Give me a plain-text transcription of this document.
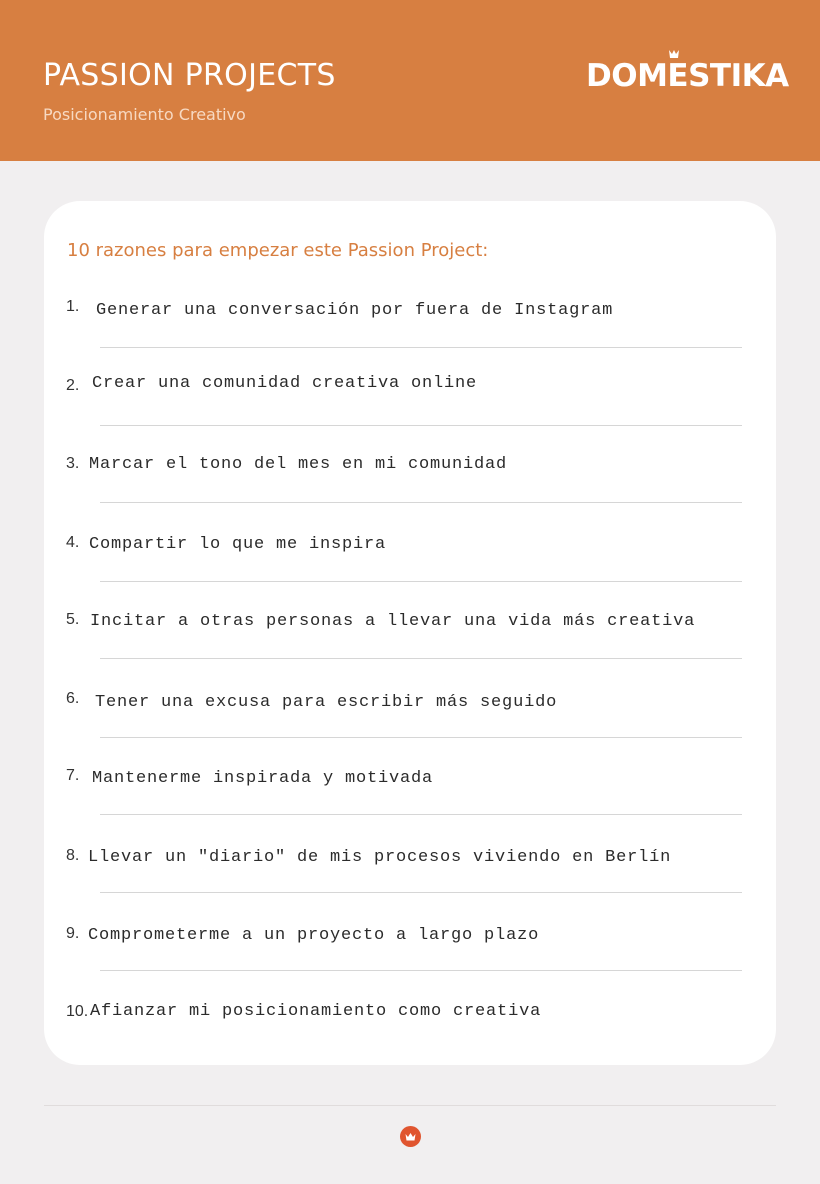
PASSION PROJECTS
Posicionamiento Creativo
DOMESTIKA
10 razones para empezar este Passion Project:
1. Generar una conversación por fuera de Instagram
2. Crear una comunidad creativa online
3. Marcar el tono del mes en mi comunidad
4. Compartir lo que me inspira
5. Incitar a otras personas a llevar una vida más creativa
6. Tener una excusa para escribir más seguido
7. Mantenerme inspirada y motivada
8. Llevar un "diario" de mis procesos viviendo en Berlín
9. Comprometerme a un proyecto a largo plazo
10. Afianzar mi posicionamiento como creativa
